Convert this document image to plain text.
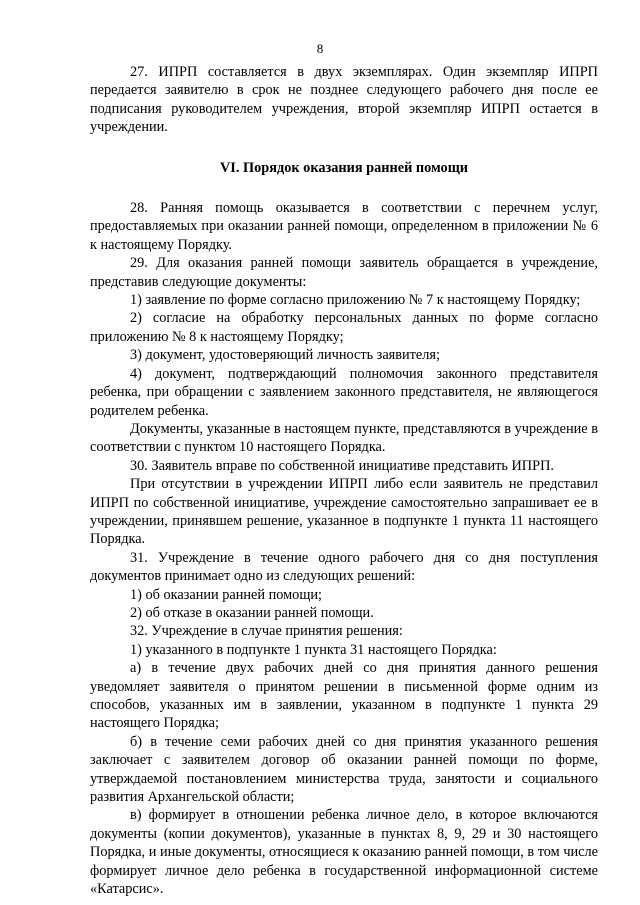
8

27. ИПРП составляется в двух экземплярах. Один экземпляр ИПРП передается заявителю в срок не позднее следующего рабочего дня после ее подписания руководителем учреждения, второй экземпляр ИПРП остается в учреждении.

VI. Порядок оказания ранней помощи

28. Ранняя помощь оказывается в соответствии с перечнем услуг, предоставляемых при оказании ранней помощи, определенном в приложении № 6 к настоящему Порядку.

29. Для оказания ранней помощи заявитель обращается в учреждение, представив следующие документы:

1) заявление по форме согласно приложению № 7 к настоящему Порядку;

2) согласие на обработку персональных данных по форме согласно приложению № 8 к настоящему Порядку;

3) документ, удостоверяющий личность заявителя;

4) документ, подтверждающий полномочия законного представителя ребенка, при обращении с заявлением законного представителя, не являющегося родителем ребенка.

Документы, указанные в настоящем пункте, представляются в учреждение в соответствии с пунктом 10 настоящего Порядка.

30. Заявитель вправе по собственной инициативе представить ИПРП.

При отсутствии в учреждении ИПРП либо если заявитель не представил ИПРП по собственной инициативе, учреждение самостоятельно запрашивает ее в учреждении, принявшем решение, указанное в подпункте 1 пункта 11 настоящего Порядка.

31. Учреждение в течение одного рабочего дня со дня поступления документов принимает одно из следующих решений:

1) об оказании ранней помощи;

2) об отказе в оказании ранней помощи.

32. Учреждение в случае принятия решения:

1) указанного в подпункте 1 пункта 31 настоящего Порядка:

а) в течение двух рабочих дней со дня принятия данного решения уведомляет заявителя о принятом решении в письменной форме одним из способов, указанных им в заявлении, указанном в подпункте 1 пункта 29 настоящего Порядка;

б) в течение семи рабочих дней со дня принятия указанного решения заключает с заявителем договор об оказании ранней помощи по форме, утверждаемой постановлением министерства труда, занятости и социального развития Архангельской области;

в) формирует в отношении ребенка личное дело, в которое включаются документы (копии документов), указанные в пунктах 8, 9, 29 и 30 настоящего Порядка, и иные документы, относящиеся к оказанию ранней помощи, в том числе формирует личное дело ребенка в государственной информационной системе «Катарсис».
